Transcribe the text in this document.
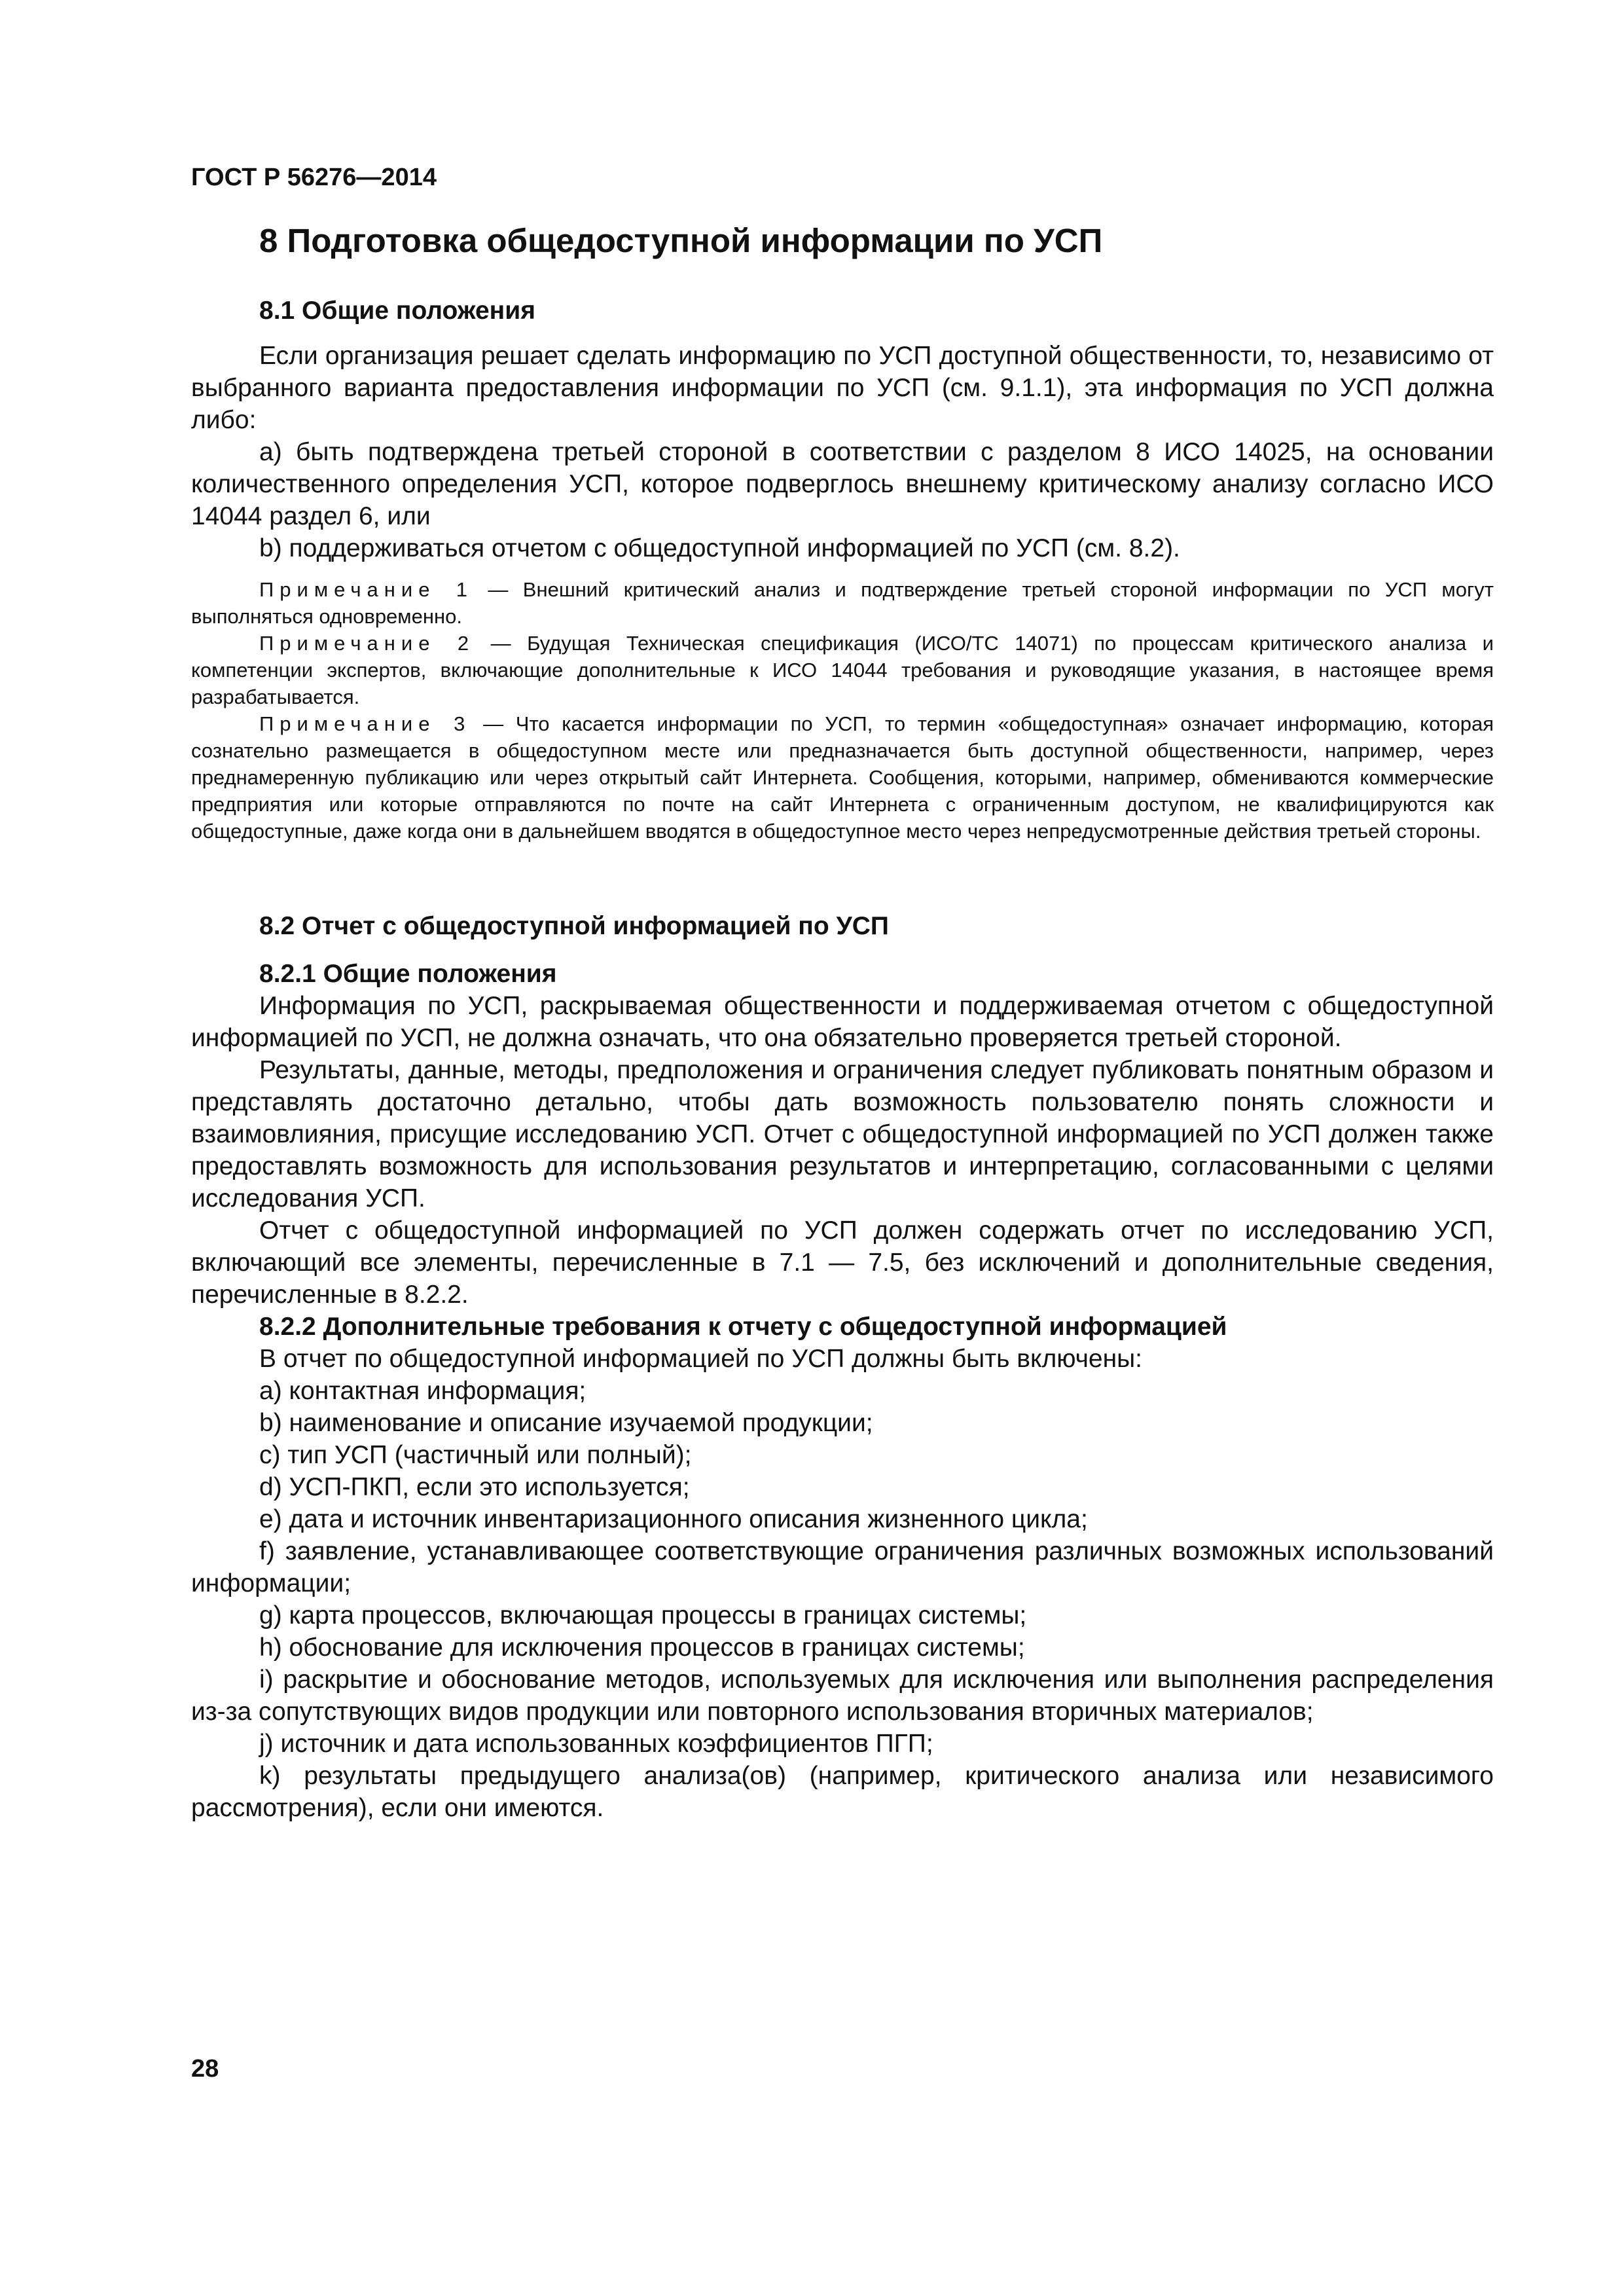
ГОСТ Р 56276—2014
8 Подготовка общедоступной информации по УСП

8.1 Общие положения

Если организация решает сделать информацию по УСП доступной общественности, то, независимо от выбранного варианта предоставления информации по УСП (см. 9.1.1), эта информация по УСП должна либо:

a) быть подтверждена третьей стороной в соответствии с разделом 8 ИСО 14025, на основании количественного определения УСП, которое подверглось внешнему критическому анализу согласно ИСО 14044 раздел 6, или

b) поддерживаться отчетом с общедоступной информацией по УСП (см. 8.2).

Примечание 1 — Внешний критический анализ и подтверждение третьей стороной информации по УСП могут выполняться одновременно.

Примечание 2 — Будущая Техническая спецификация (ИСО/ТС 14071) по процессам критического анализа и компетенции экспертов, включающие дополнительные к ИСО 14044 требования и руководящие указания, в настоящее время разрабатывается.

Примечание 3 — Что касается информации по УСП, то термин «общедоступная» означает информацию, которая сознательно размещается в общедоступном месте или предназначается быть доступной общественности, например, через преднамеренную публикацию или через открытый сайт Интернета. Сообщения, которыми, например, обмениваются коммерческие предприятия или которые отправляются по почте на сайт Интернета с ограниченным доступом, не квалифицируются как общедоступные, даже когда они в дальнейшем вводятся в общедоступное место через непредусмотренные действия третьей стороны.

8.2 Отчет с общедоступной информацией по УСП

8.2.1 Общие положения

Информация по УСП, раскрываемая общественности и поддерживаемая отчетом с общедоступной информацией по УСП, не должна означать, что она обязательно проверяется третьей стороной.

Результаты, данные, методы, предположения и ограничения следует публиковать понятным образом и представлять достаточно детально, чтобы дать возможность пользователю понять сложности и взаимовлияния, присущие исследованию УСП. Отчет с общедоступной информацией по УСП должен также предоставлять возможность для использования результатов и интерпретацию, согласованными с целями исследования УСП.

Отчет с общедоступной информацией по УСП должен содержать отчет по исследованию УСП, включающий все элементы, перечисленные в 7.1 — 7.5, без исключений и дополнительные сведения, перечисленные в 8.2.2.

8.2.2 Дополнительные требования к отчету с общедоступной информацией

В отчет по общедоступной информацией по УСП должны быть включены:

а) контактная информация;

b) наименование и описание изучаемой продукции;

c) тип УСП (частичный или полный);

d) УСП-ПКП, если это используется;

e) дата и источник инвентаризационного описания жизненного цикла;

f) заявление, устанавливающее соответствующие ограничения различных возможных использований информации;

g) карта процессов, включающая процессы в границах системы;

h) обоснование для исключения процессов в границах системы;

i) раскрытие и обоснование методов, используемых для исключения или выполнения распределения из-за сопутствующих видов продукции или повторного использования вторичных материалов;

j) источник и дата использованных коэффициентов ПГП;

k) результаты предыдущего анализа(ов) (например, критического анализа или независимого рассмотрения), если они имеются.

28
